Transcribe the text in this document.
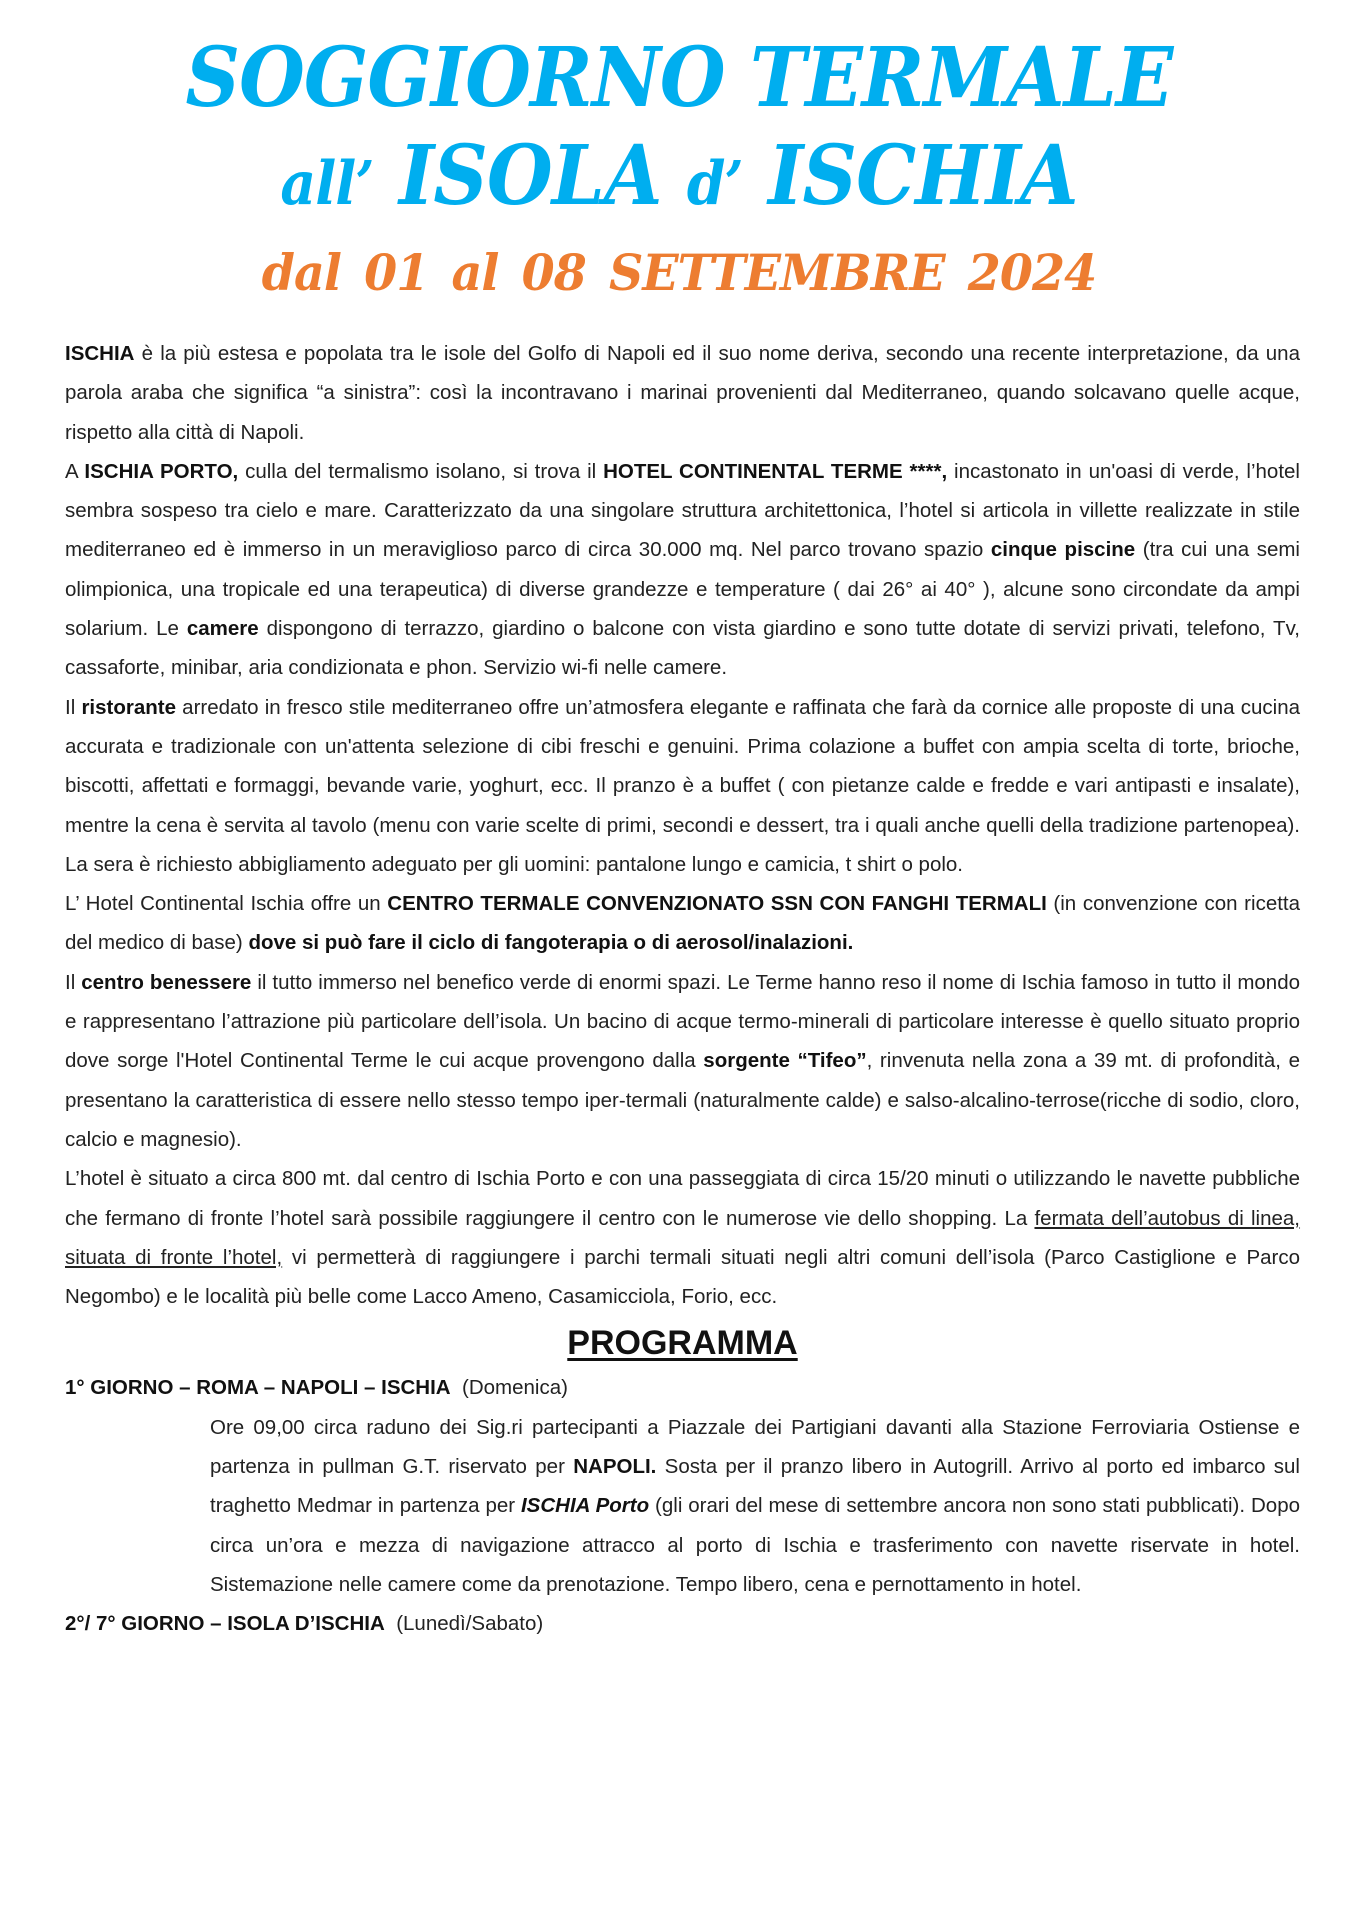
SOGGIORNO TERMALE
all’ ISOLA d’ ISCHIA
dal 01 al 08 SETTEMBRE 2024

ISCHIA è la più estesa e popolata tra le isole del Golfo di Napoli ed il suo nome deriva, secondo una recente interpretazione, da una parola araba che significa “a sinistra”: così la incontravano i marinai provenienti dal Mediterraneo, quando solcavano quelle acque, rispetto alla città di Napoli.

A ISCHIA PORTO, culla del termalismo isolano, si trova il HOTEL CONTINENTAL TERME ****, incastonato in un'oasi di verde, l’hotel sembra sospeso tra cielo e mare. Caratterizzato da una singolare struttura architettonica, l’hotel si articola in villette realizzate in stile mediterraneo ed è immerso in un meraviglioso parco di circa 30.000 mq. Nel parco trovano spazio cinque piscine (tra cui una semi olimpionica, una tropicale ed una terapeutica) di diverse grandezze e temperature ( dai 26° ai 40° ), alcune sono circondate da ampi solarium. Le camere dispongono di terrazzo, giardino o balcone con vista giardino e sono tutte dotate di servizi privati, telefono, Tv, cassaforte, minibar, aria condizionata e phon. Servizio wi-fi nelle camere.

Il ristorante arredato in fresco stile mediterraneo offre un’atmosfera elegante e raffinata che farà da cornice alle proposte di una cucina accurata e tradizionale con un'attenta selezione di cibi freschi e genuini. Prima colazione a buffet con ampia scelta di torte, brioche, biscotti, affettati e formaggi, bevande varie, yoghurt, ecc. Il pranzo è a buffet ( con pietanze calde e fredde e vari antipasti e insalate), mentre la cena è servita al tavolo (menu con varie scelte di primi, secondi e dessert, tra i quali anche quelli della tradizione partenopea). La sera è richiesto abbigliamento adeguato per gli uomini: pantalone lungo e camicia, t shirt o polo.

L’ Hotel Continental Ischia offre un CENTRO TERMALE CONVENZIONATO SSN CON FANGHI TERMALI (in convenzione con ricetta del medico di base) dove si può fare il ciclo di fangoterapia o di aerosol/inalazioni.

Il centro benessere il tutto immerso nel benefico verde di enormi spazi. Le Terme hanno reso il nome di Ischia famoso in tutto il mondo e rappresentano l’attrazione più particolare dell’isola. Un bacino di acque termo-minerali di particolare interesse è quello situato proprio dove sorge l'Hotel Continental Terme le cui acque provengono dalla sorgente “Tifeo”, rinvenuta nella zona a 39 mt. di profondità, e presentano la caratteristica di essere nello stesso tempo iper-termali (naturalmente calde) e salso-alcalino-terrose(ricche di sodio, cloro, calcio e magnesio).

L’hotel è situato a circa 800 mt. dal centro di Ischia Porto e con una passeggiata di circa 15/20 minuti o utilizzando le navette pubbliche che fermano di fronte l’hotel sarà possibile raggiungere il centro con le numerose vie dello shopping. La fermata dell’autobus di linea, situata di fronte l’hotel, vi permetterà di raggiungere i parchi termali situati negli altri comuni dell’isola (Parco Castiglione e Parco Negombo) e le località più belle come Lacco Ameno, Casamicciola, Forio, ecc.

PROGRAMMA

1° GIORNO – ROMA – NAPOLI – ISCHIA (Domenica)

Ore 09,00 circa raduno dei Sig.ri partecipanti a Piazzale dei Partigiani davanti alla Stazione Ferroviaria Ostiense e partenza in pullman G.T. riservato per NAPOLI. Sosta per il pranzo libero in Autogrill. Arrivo al porto ed imbarco sul traghetto Medmar in partenza per ISCHIA Porto (gli orari del mese di settembre ancora non sono stati pubblicati). Dopo circa un’ora e mezza di navigazione attracco al porto di Ischia e trasferimento con navette riservate in hotel. Sistemazione nelle camere come da prenotazione. Tempo libero, cena e pernottamento in hotel.

2°/ 7° GIORNO – ISOLA D’ISCHIA (Lunedì/Sabato)
